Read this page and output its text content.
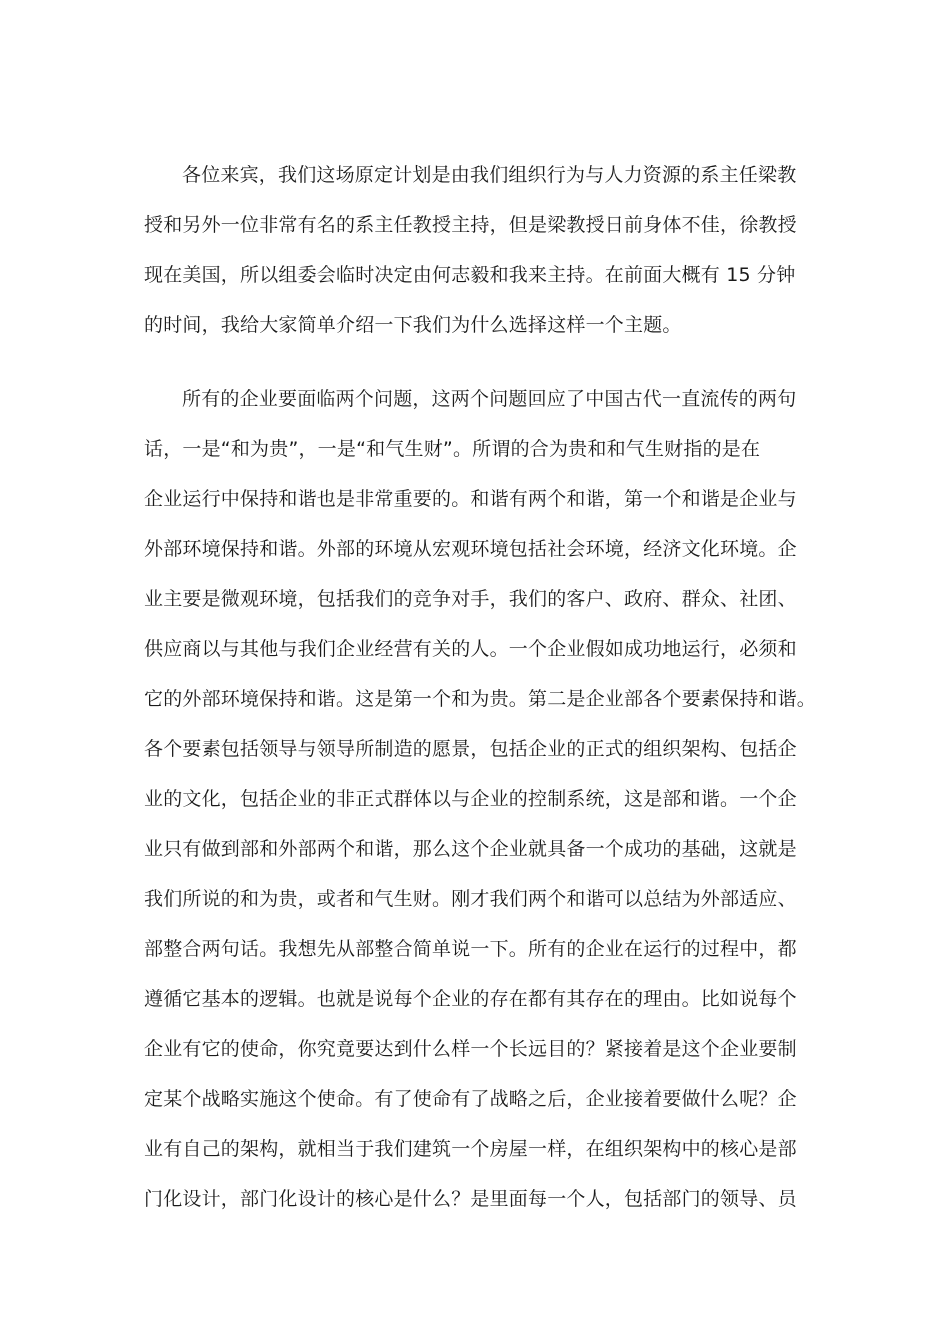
各位来宾，我们这场原定计划是由我们组织行为与人力资源的系主任梁教
授和另外一位非常有名的系主任教授主持，但是梁教授日前身体不佳，徐教授
现在美国，所以组委会临时决定由何志毅和我来主持。在前面大概有 15 分钟
的时间，我给大家简单介绍一下我们为什么选择这样一个主题。
所有的企业要面临两个问题，这两个问题回应了中国古代一直流传的两句
话，一是“和为贵”，一是“和气生财”。所谓的合为贵和和气生财指的是在
企业运行中保持和谐也是非常重要的。和谐有两个和谐，第一个和谐是企业与
外部环境保持和谐。外部的环境从宏观环境包括社会环境，经济文化环境。企
业主要是微观环境，包括我们的竞争对手，我们的客户、政府、群众、社团、
供应商以与其他与我们企业经营有关的人。一个企业假如成功地运行，必须和
它的外部环境保持和谐。这是第一个和为贵。第二是企业部各个要素保持和谐。
各个要素包括领导与领导所制造的愿景，包括企业的正式的组织架构、包括企
业的文化，包括企业的非正式群体以与企业的控制系统，这是部和谐。一个企
业只有做到部和外部两个和谐，那么这个企业就具备一个成功的基础，这就是
我们所说的和为贵，或者和气生财。刚才我们两个和谐可以总结为外部适应、
部整合两句话。我想先从部整合简单说一下。所有的企业在运行的过程中，都
遵循它基本的逻辑。也就是说每个企业的存在都有其存在的理由。比如说每个
企业有它的使命，你究竟要达到什么样一个长远目的？紧接着是这个企业要制
定某个战略实施这个使命。有了使命有了战略之后，企业接着要做什么呢？企
业有自己的架构，就相当于我们建筑一个房屋一样，在组织架构中的核心是部
门化设计，部门化设计的核心是什么？是里面每一个人，包括部门的领导、员
